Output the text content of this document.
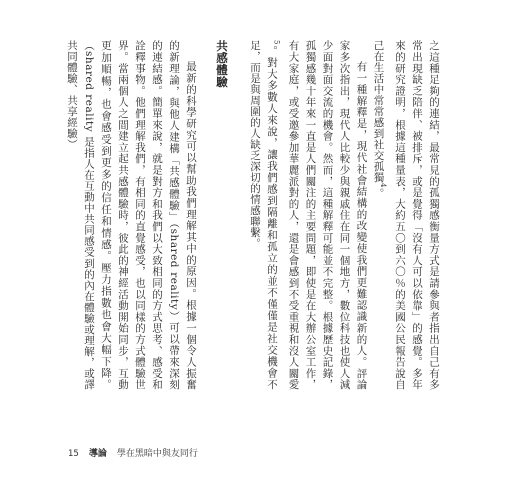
之這種足夠的連結，最常見的孤獨感衡量方式是請參與者指出自己有多常出現缺乏陪伴、被排斥，或是覺得「沒有人可以依靠」的感覺。多年來的研究證明，根據這種量表，大約五〇到六〇％的美國公民報告說自己在生活中常常感到社交孤獨$^4$。

有一種解釋是，現代社會結構的改變使我們更難認識新的人。評論家多次指出，現代人比較少與親戚住在同一個地方，數位科技也使人減少面對面交流的機會。然而，這種解釋可能並不完整。根據歷史記錄，孤獨感幾十年來一直是人們關注的主要問題，即使是在大辦公室工作，有大家庭，或受邀參加華麗派對的人，還是會感到不受重視和沒人關愛$^5$。對大多數人來說，讓我們感到隔離和孤立的並不僅僅是社交機會不足，而是與周圍的人缺乏深切的情感聯繫。

共感體驗

最新的科學研究可以幫助我們理解其中的原因。根據一個令人振奮的新理論，與他人建構「共感體驗」（shared reality）可以帶來深刻的連結感。簡單來說，就是對方和我們以大致相同的方式思考、感受和詮釋事物。他們理解我們，有相同的直覺感受，也以同樣的方式體驗世界。當兩個人之間建立起共感體驗時，彼此的神經活動開始同步，互動更加順暢，也會感受到更多的信任和情感。壓力指數也會大幅下降。（shared reality 是指人在互動中共同感受到的內在體驗或理解，或譯共同體驗、共享經驗）

15 導論 學在黑暗中與友同行
